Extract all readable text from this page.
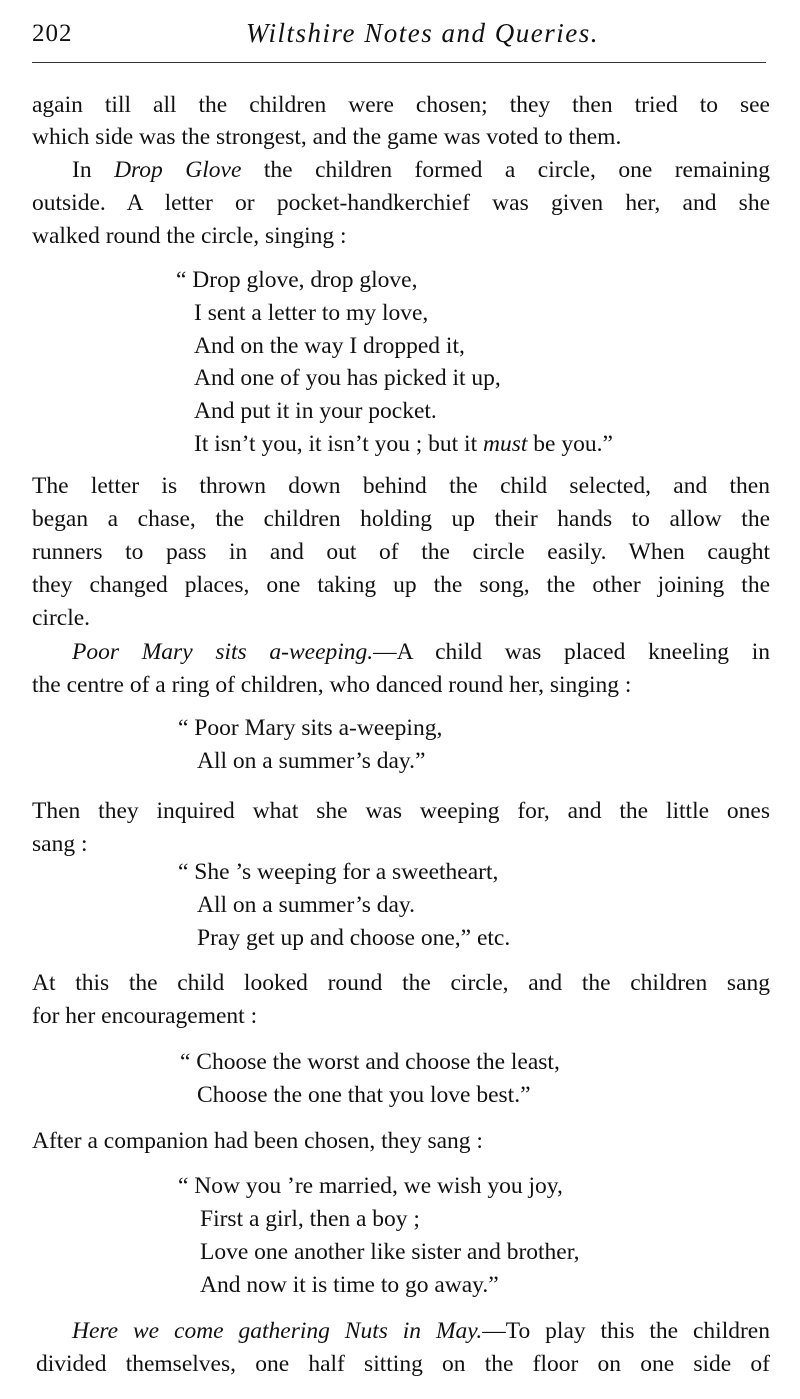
202	Wiltshire Notes and Queries.
again till all the children were chosen; they then tried to see
which side was the strongest, and the game was voted to them.
In Drop Glove the children formed a circle, one remaining
outside. A letter or pocket-handkerchief was given her, and she
walked round the circle, singing :
“ Drop glove, drop glove,
I sent a letter to my love,
And on the way I dropped it,
And one of you has picked it up,
And put it in your pocket.
It isn’t you, it isn’t you ; but it must be you.”
The letter is thrown down behind the child selected, and then
began a chase, the children holding up their hands to allow the
runners to pass in and out of the circle easily. When caught
they changed places, one taking up the song, the other joining the
circle.
Poor Mary sits a-weeping.—A child was placed kneeling in
the centre of a ring of children, who danced round her, singing :
“ Poor Mary sits a-weeping,
All on a summer’s day.”
Then they inquired what she was weeping for, and the little ones
sang :
“ She ’s weeping for a sweetheart,
All on a summer’s day.
Pray get up and choose one,” etc.
At this the child looked round the circle, and the children sang
for her encouragement :
“ Choose the worst and choose the least,
Choose the one that you love best.”
After a companion had been chosen, they sang :
“ Now you ’re married, we wish you joy,
First a girl, then a boy ;
Love one another like sister and brother,
And now it is time to go away.”
Here we come gathering Nuts in May.—To play this the children
divided themselves, one half sitting on the floor on one side of
